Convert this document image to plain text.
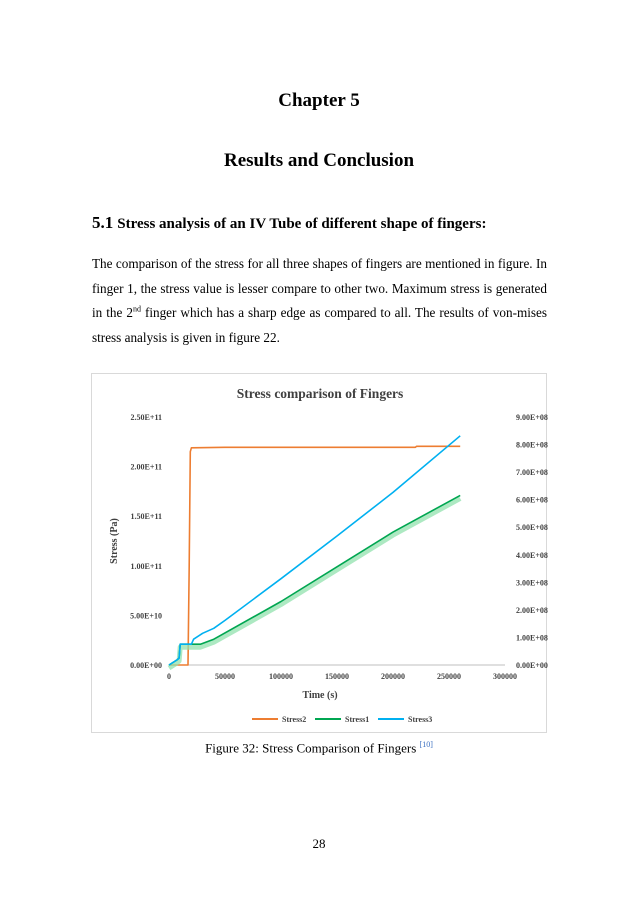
Chapter 5
Results and Conclusion
5.1 Stress analysis of an IV Tube of different shape of fingers:
The comparison of the stress for all three shapes of fingers are mentioned in figure. In finger 1, the stress value is lesser compare to other two. Maximum stress is generated in the 2nd finger which has a sharp edge as compared to all. The results of von-mises stress analysis is given in figure 22.
Stress comparison of Fingers
0	50000	100000	150000	200000	250000	300000
0.00E+00
5.00E+10
1.00E+11
1.50E+11
2.00E+11
2.50E+11
0.00E+00
1.00E+08
2.00E+08
3.00E+08
4.00E+08
5.00E+08
6.00E+08
7.00E+08
8.00E+08
9.00E+08
Time (s)
Stress (Pa)
Stress2	Stress1	Stress3
Figure 32: Stress Comparison of Fingers [10]
28
